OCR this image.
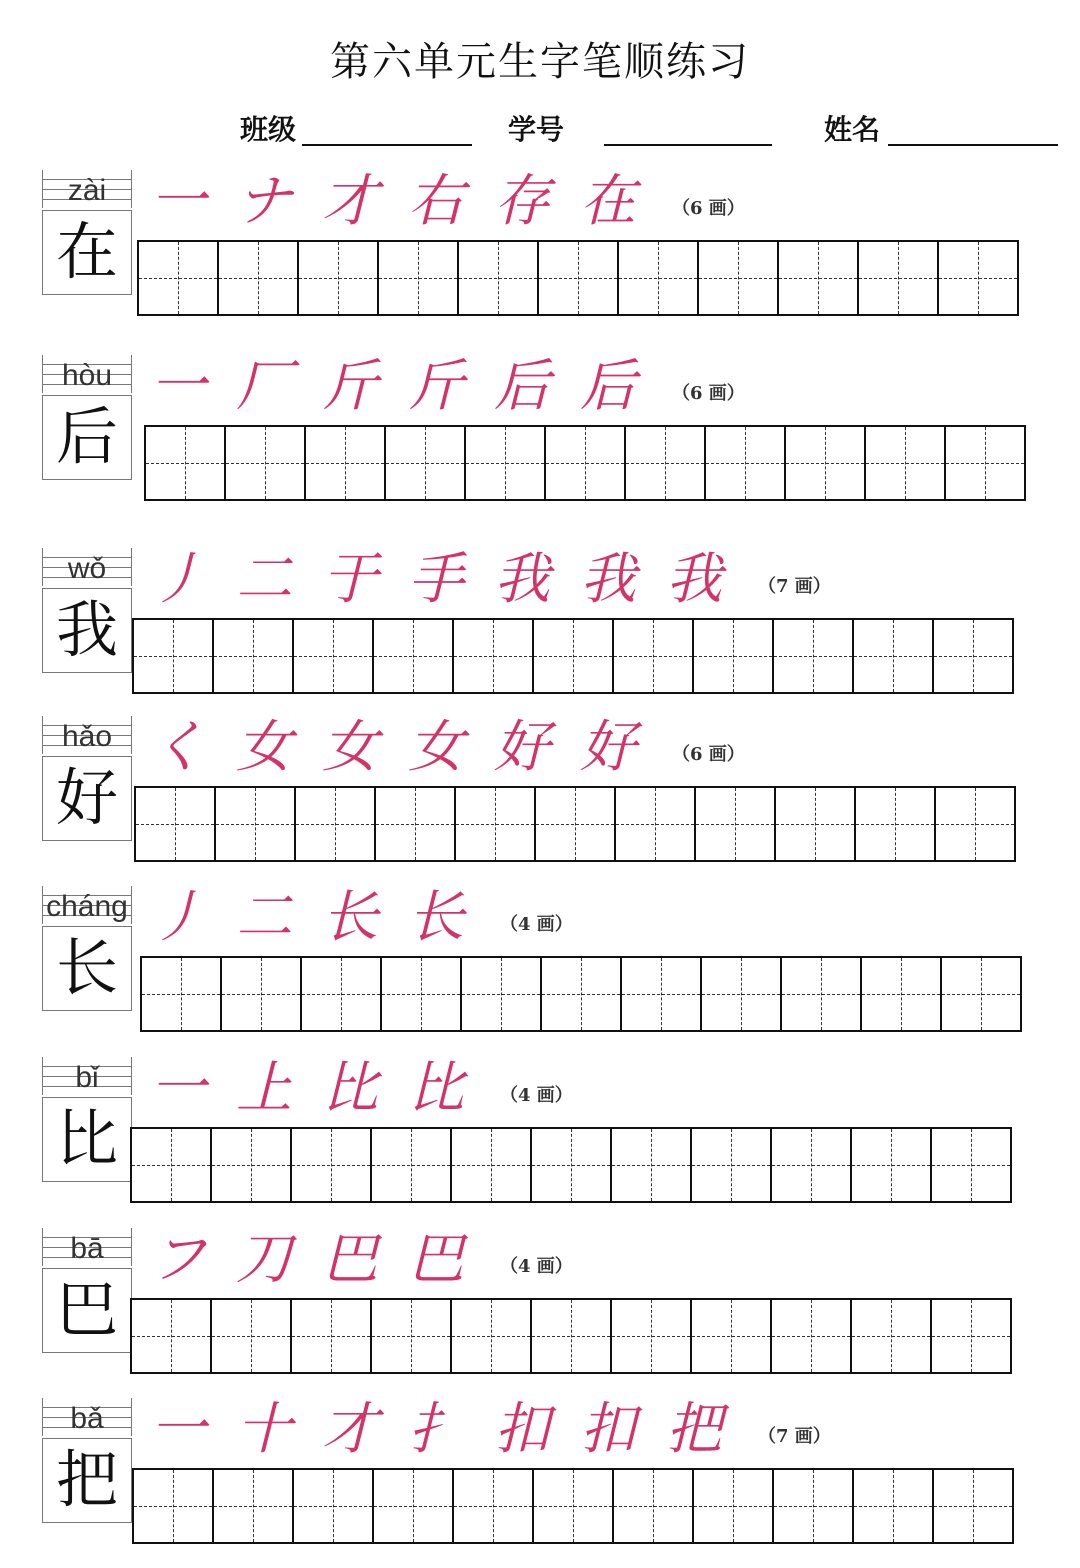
第六单元生字笔顺练习
班级	学号	姓名
zài
在
一 ナ 才 右 存 在 （6 画）
hòu
后
一 厂 斤 斤 后 后 （6 画）
wǒ
我
丿 二 于 手 我 我 我 （7 画）
hǎo
好
く 女 女 女 好 好 （6 画）
cháng
长
丿 二 长 长 （4 画）
bǐ
比
一 上 比 比 （4 画）
bā
巴
フ 刀 巴 巴 （4 画）
bǎ
把
一 十 才 扌 扣 扣 把 （7 画）
